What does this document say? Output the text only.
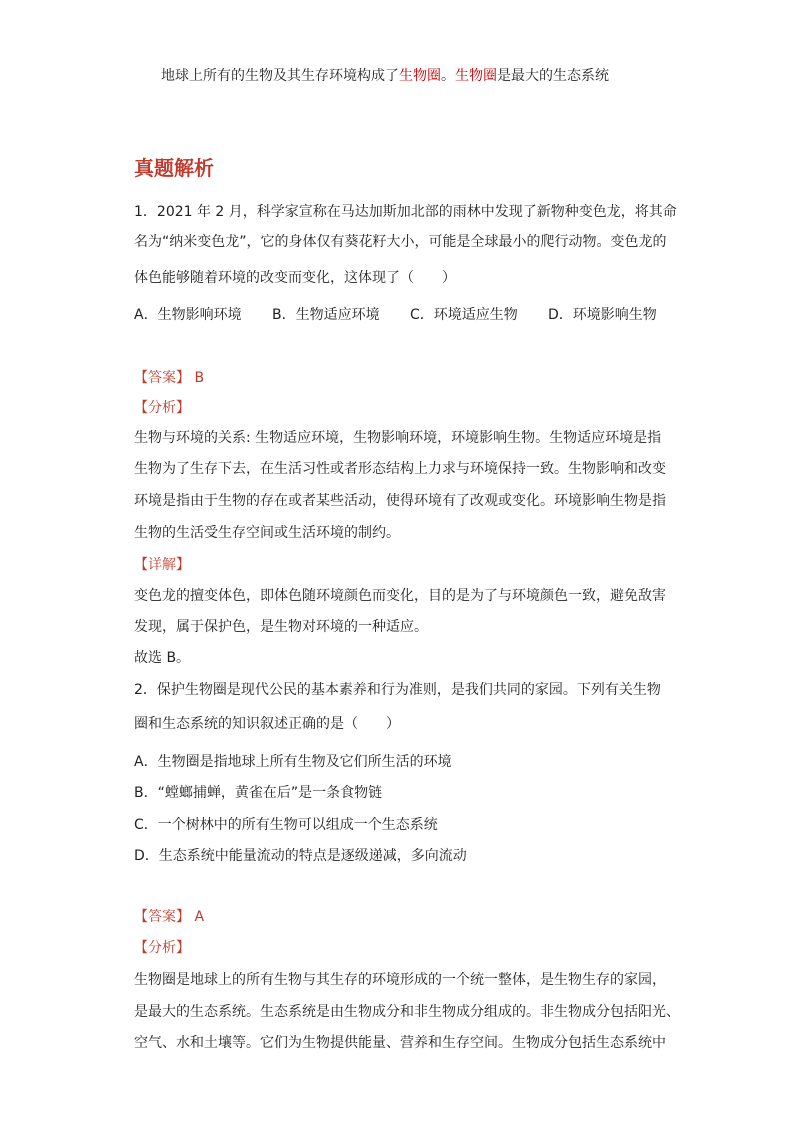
地球上所有的生物及其生存环境构成了生物圈。生物圈是最大的生态系统
真题解析
1．2021 年 2 月，科学家宣称在马达加斯加北部的雨林中发现了新物种变色龙，将其命
名为“纳米变色龙”，它的身体仅有葵花籽大小，可能是全球最小的爬行动物。变色龙的
体色能够随着环境的改变而变化，这体现了（　　）
A．生物影响环境 B．生物适应环境 C．环境适应生物 D．环境影响生物
【答案】 B
【分析】
生物与环境的关系: 生物适应环境，生物影响环境，环境影响生物。生物适应环境是指
生物为了生存下去，在生活习性或者形态结构上力求与环境保持一致。生物影响和改变
环境是指由于生物的存在或者某些活动，使得环境有了改观或变化。环境影响生物是指
生物的生活受生存空间或生活环境的制约。
【详解】
变色龙的擅变体色，即体色随环境颜色而变化，目的是为了与环境颜色一致，避免敌害
发现，属于保护色，是生物对环境的一种适应。
故选 B。
2．保护生物圈是现代公民的基本素养和行为准则，是我们共同的家园。下列有关生物
圈和生态系统的知识叙述正确的是（　　）
A．生物圈是指地球上所有生物及它们所生活的环境
B．“螳螂捕蝉，黄雀在后”是一条食物链
C．一个树林中的所有生物可以组成一个生态系统
D．生态系统中能量流动的特点是逐级递减，多向流动
【答案】 A
【分析】
生物圈是地球上的所有生物与其生存的环境形成的一个统一整体，是生物生存的家园，
是最大的生态系统。生态系统是由生物成分和非生物成分组成的。非生物成分包括阳光、
空气、水和土壤等。它们为生物提供能量、营养和生存空间。生物成分包括生态系统中
